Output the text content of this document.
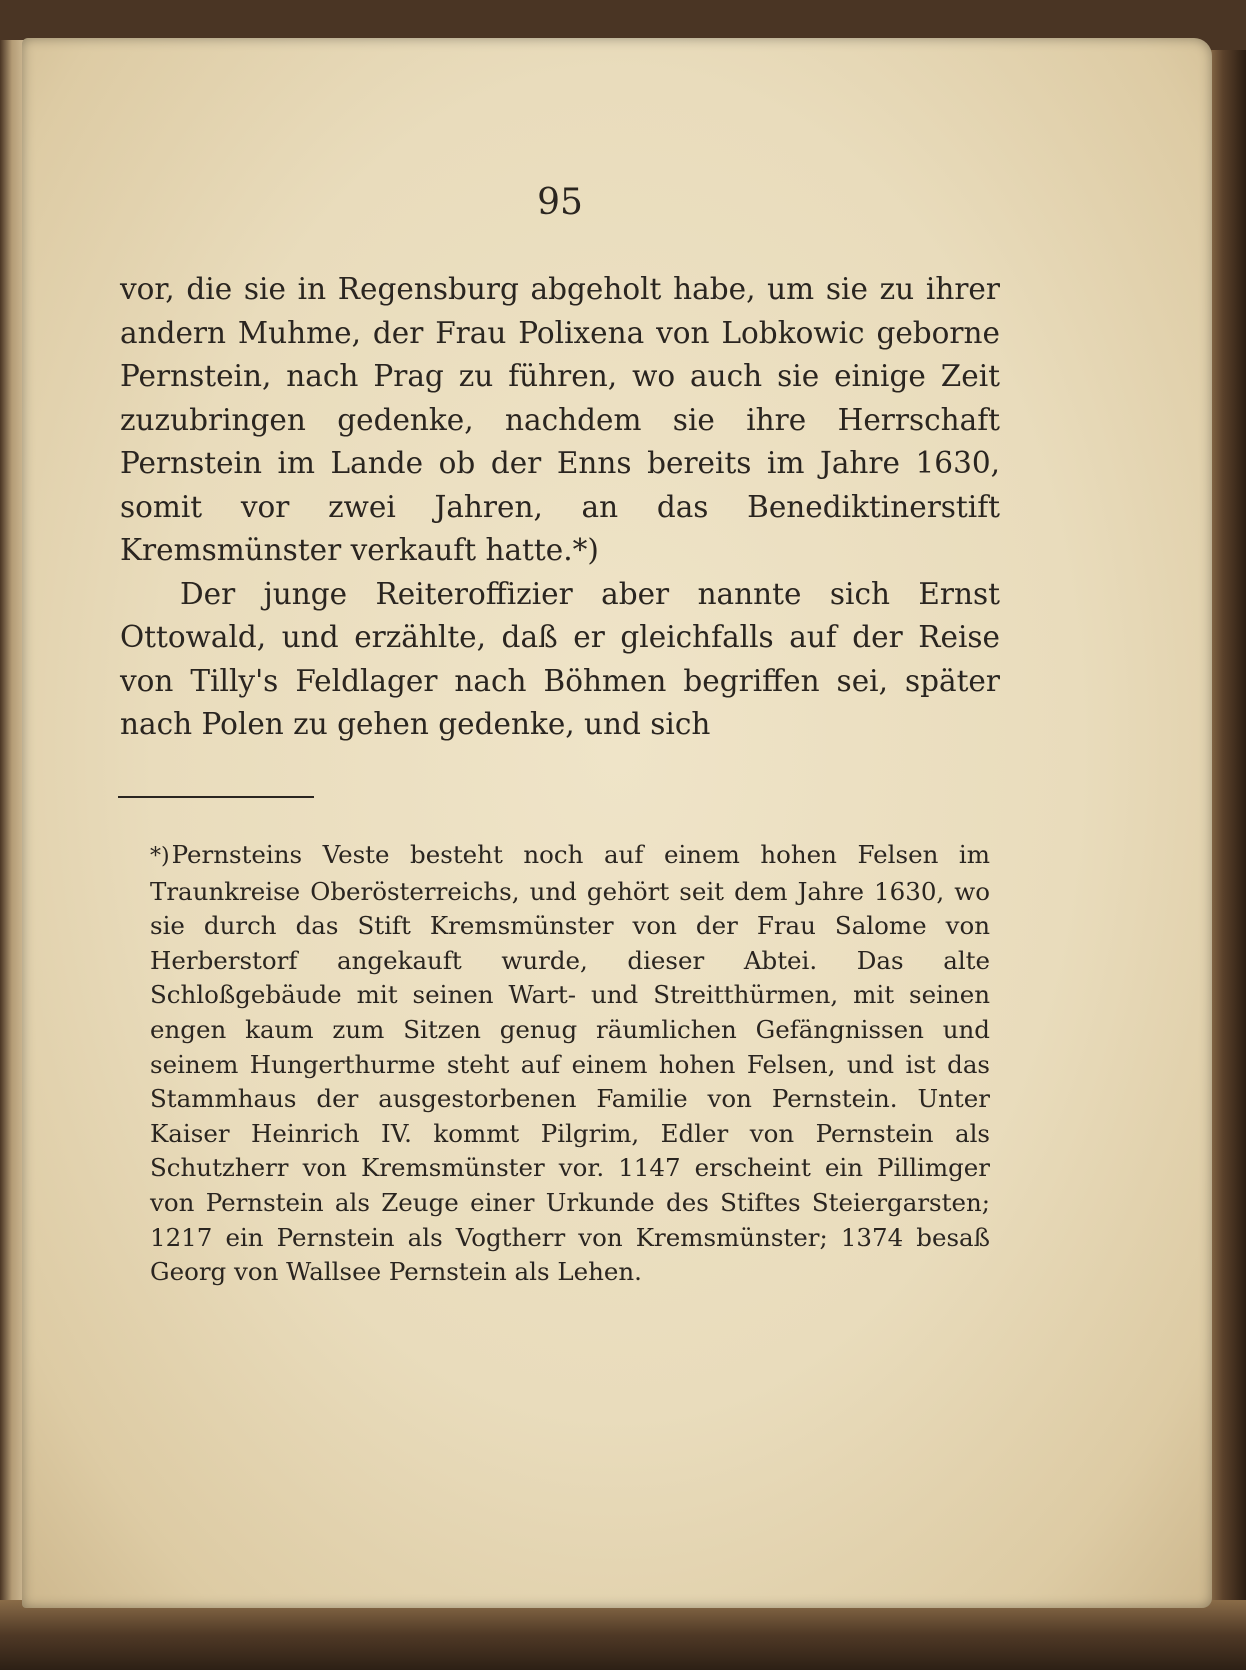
95

vor, die sie in Regensburg abgeholt habe, um sie zu ihrer andern Muhme, der Frau Polixena von Lobkowic geborne Pernstein, nach Prag zu führen, wo auch sie einige Zeit zuzubringen gedenke, nachdem sie ihre Herrschaft Pernstein im Lande ob der Enns bereits im Jahre 1630, somit vor zwei Jahren, an das Benediktinerstift Kremsmünster verkauft hatte.*)

Der junge Reiteroffizier aber nannte sich Ernst Ottowald, und erzählte, daß er gleichfalls auf der Reise von Tilly's Feldlager nach Böhmen begriffen sei, später nach Polen zu gehen gedenke, und sich

*)Pernsteins Veste besteht noch auf einem hohen Felsen im Traunkreise Oberösterreichs, und gehört seit dem Jahre 1630, wo sie durch das Stift Kremsmünster von der Frau Salome von Herberstorf angekauft wurde, dieser Abtei. Das alte Schloßgebäude mit seinen Wart- und Streitthürmen, mit seinen engen kaum zum Sitzen genug räumlichen Gefängnissen und seinem Hungerthurme steht auf einem hohen Felsen, und ist das Stammhaus der ausgestorbenen Familie von Pernstein. Unter Kaiser Heinrich IV. kommt Pilgrim, Edler von Pernstein als Schutzherr von Kremsmünster vor. 1147 erscheint ein Pillimger von Pernstein als Zeuge einer Urkunde des Stiftes Steiergarsten; 1217 ein Pernstein als Vogtherr von Kremsmünster; 1374 besaß Georg von Wallsee Pernstein als Lehen.
